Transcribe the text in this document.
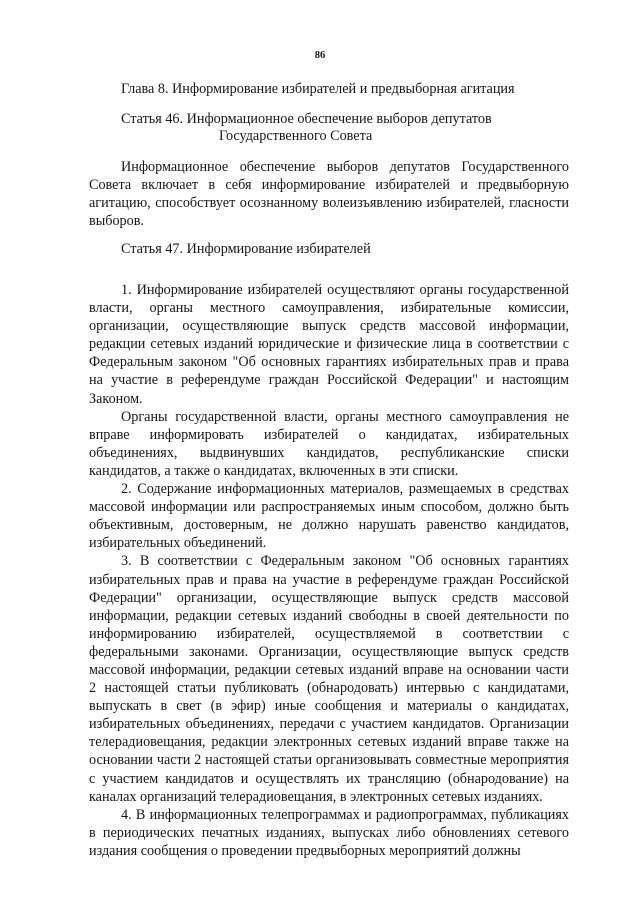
86
Глава 8. Информирование избирателей и предвыборная агитация
Статья 46. Информационное обеспечение выборов депутатов
Государственного Совета

Информационное обеспечение выборов депутатов Государственного Совета включает в себя информирование избирателей и предвыборную агитацию, способствует осознанному волеизъявлению избирателей, гласности выборов.

Статья 47. Информирование избирателей

1. Информирование избирателей осуществляют органы государственной власти, органы местного самоуправления, избирательные комиссии, организации, осуществляющие выпуск средств массовой информации, редакции сетевых изданий юридические и физические лица в соответствии с Федеральным законом "Об основных гарантиях избирательных прав и права на участие в референдуме граждан Российской Федерации" и настоящим Законом.

Органы государственной власти, органы местного самоуправления не вправе информировать избирателей о кандидатах, избирательных объединениях, выдвинувших кандидатов, республиканские списки кандидатов, а также о кандидатах, включенных в эти списки.

2. Содержание информационных материалов, размещаемых в средствах массовой информации или распространяемых иным способом, должно быть объективным, достоверным, не должно нарушать равенство кандидатов, избирательных объединений.

3. В соответствии с Федеральным законом "Об основных гарантиях избирательных прав и права на участие в референдуме граждан Российской Федерации" организации, осуществляющие выпуск средств массовой информации, редакции сетевых изданий свободны в своей деятельности по информированию избирателей, осуществляемой в соответствии с федеральными законами. Организации, осуществляющие выпуск средств массовой информации, редакции сетевых изданий вправе на основании части 2 настоящей статьи публиковать (обнародовать) интервью с кандидатами, выпускать в свет (в эфир) иные сообщения и материалы о кандидатах, избирательных объединениях, передачи с участием кандидатов. Организации телерадиовещания, редакции электронных сетевых изданий вправе также на основании части 2 настоящей статьи организовывать совместные мероприятия с участием кандидатов и осуществлять их трансляцию (обнародование) на каналах организаций телерадиовещания, в электронных сетевых изданиях.

4. В информационных телепрограммах и радиопрограммах, публикациях в периодических печатных изданиях, выпусках либо обновлениях сетевого издания сообщения о проведении предвыборных мероприятий должны
